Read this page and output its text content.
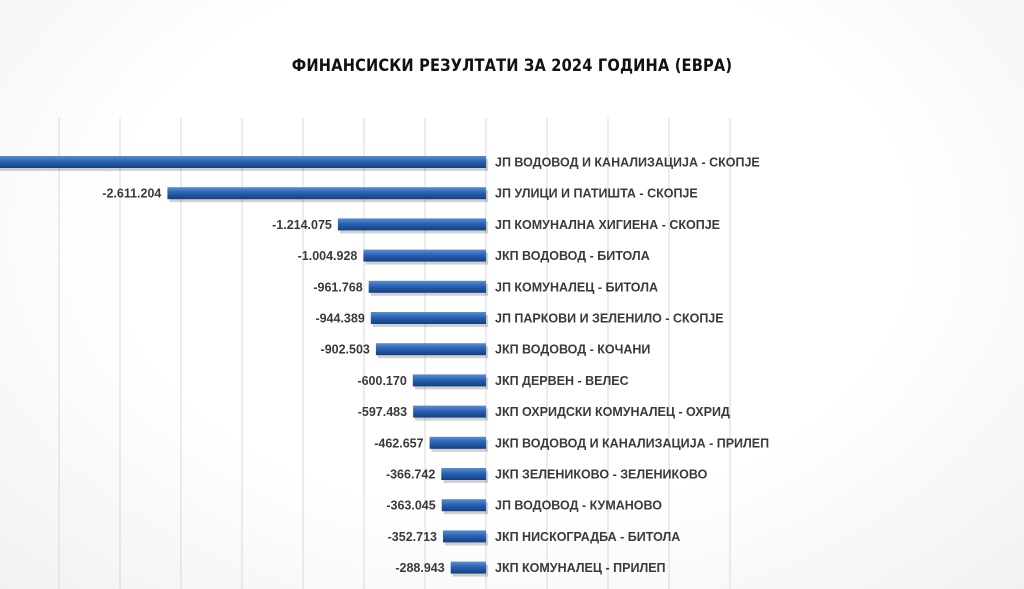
ФИНАНСИСКИ РЕЗУЛТАТИ ЗА 2024 ГОДИНА (ЕВРА)
ЈП ВОДОВОД И КАНАЛИЗАЦИЈА - СКОПЈЕ
-2.611.204	ЈП УЛИЦИ И ПАТИШТА - СКОПЈЕ
-1.214.075	ЈП КОМУНАЛНА ХИГИЕНА - СКОПЈЕ
-1.004.928	ЈКП ВОДОВОД - БИТОЛА
-961.768	ЈП КОМУНАЛЕЦ - БИТОЛА
-944.389	ЈП ПАРКОВИ И ЗЕЛЕНИЛО - СКОПЈЕ
-902.503	ЈКП ВОДОВОД - КОЧАНИ
-600.170	ЈКП ДЕРВЕН - ВЕЛЕС
-597.483	ЈКП ОХРИДСКИ КОМУНАЛЕЦ - ОХРИД
-462.657	ЈКП ВОДОВОД И КАНАЛИЗАЦИЈА - ПРИЛЕП
-366.742	ЈКП ЗЕЛЕНИКОВО - ЗЕЛЕНИКОВО
-363.045	ЈП ВОДОВОД - КУМАНОВО
-352.713	ЈКП НИСКОГРАДБА - БИТОЛА
-288.943	ЈКП КОМУНАЛЕЦ - ПРИЛЕП
